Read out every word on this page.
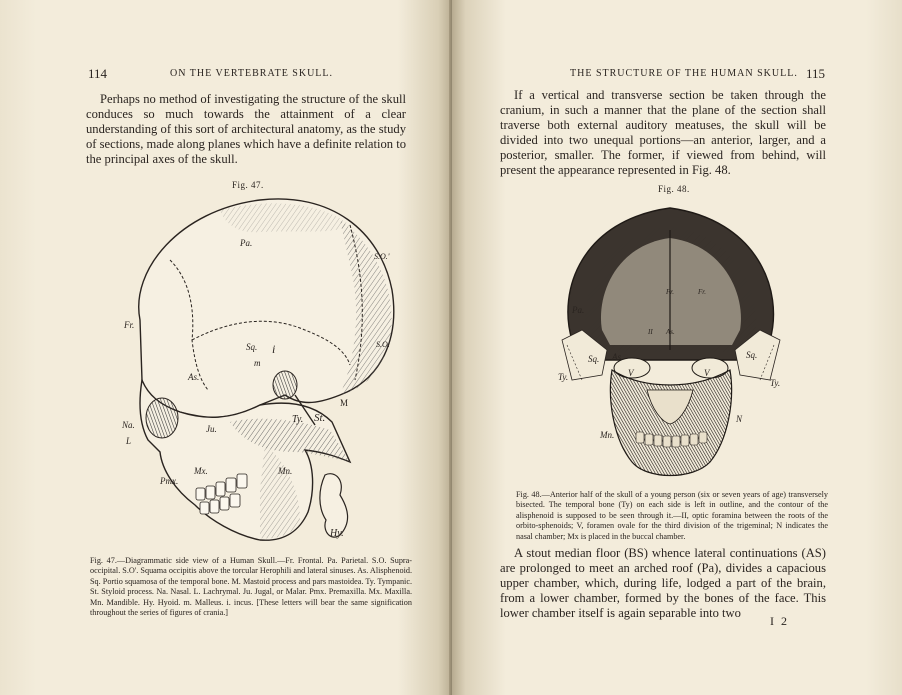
114	ON THE VERTEBRATE SKULL.
Perhaps no method of investigating the structure of the skull conduces so much towards the attainment of a clear understanding of this sort of architectural anatomy, as the study of sections, made along planes which have a definite relation to the principal axes of the skull.
Fig. 47.
Pa.
S.O.'
S.O.
Fr.
Sq.
As.
m
i
M
Ty. St.
Na.	Ju.
L
Mx.
Pmx.
Mn.
Hy.
Fig. 47.—Diagrammatic side view of a Human Skull.—Fr. Frontal. Pa. Parietal. S.O. Supra-occipital. S.O'. Squama occipitis above the torcular Herophili and lateral sinuses. As. Alisphenoid. Sq. Portio squamosa of the temporal bone. M. Mastoid process and pars mastoidea. Ty. Tympanic. St. Styloid process. Na. Nasal. L. Lachrymal. Ju. Jugal, or Malar. Pmx. Premaxilla. Mx. Maxilla. Mn. Mandible. Hy. Hyoid. m. Malleus. i. incus. [These letters will bear the same signification throughout the series of figures of crania.]
THE STRUCTURE OF THE HUMAN SKULL. 115
If a vertical and transverse section be taken through the cranium, in such a manner that the plane of the section shall traverse both external auditory meatuses, the skull will be divided into two unequal portions—an anterior, larger, and a posterior, smaller. The former, if viewed from behind, will present the appearance represented in Fig. 48.
Fig. 48.
Pa.
Fr.	Fr.
II As.
Sq. As.	Sq.
V	V
Ty.
Ty.
N
Mn.
Fig. 48.—Anterior half of the skull of a young person (six or seven years of age) transversely bisected. The temporal bone (Ty) on each side is left in outline, and the contour of the alisphenoid is supposed to be seen through it.—II, optic foramina between the roots of the orbito-sphenoids; V, foramen ovale for the third division of the trigeminal; N indicates the nasal chamber; Mx is placed in the buccal chamber.
A stout median floor (BS) whence lateral continuations (AS) are prolonged to meet an arched roof (Pa), divides a capacious upper chamber, which, during life, lodged a part of the brain, from a lower chamber, formed by the bones of the face. This lower chamber itself is again separable into two
I 2
